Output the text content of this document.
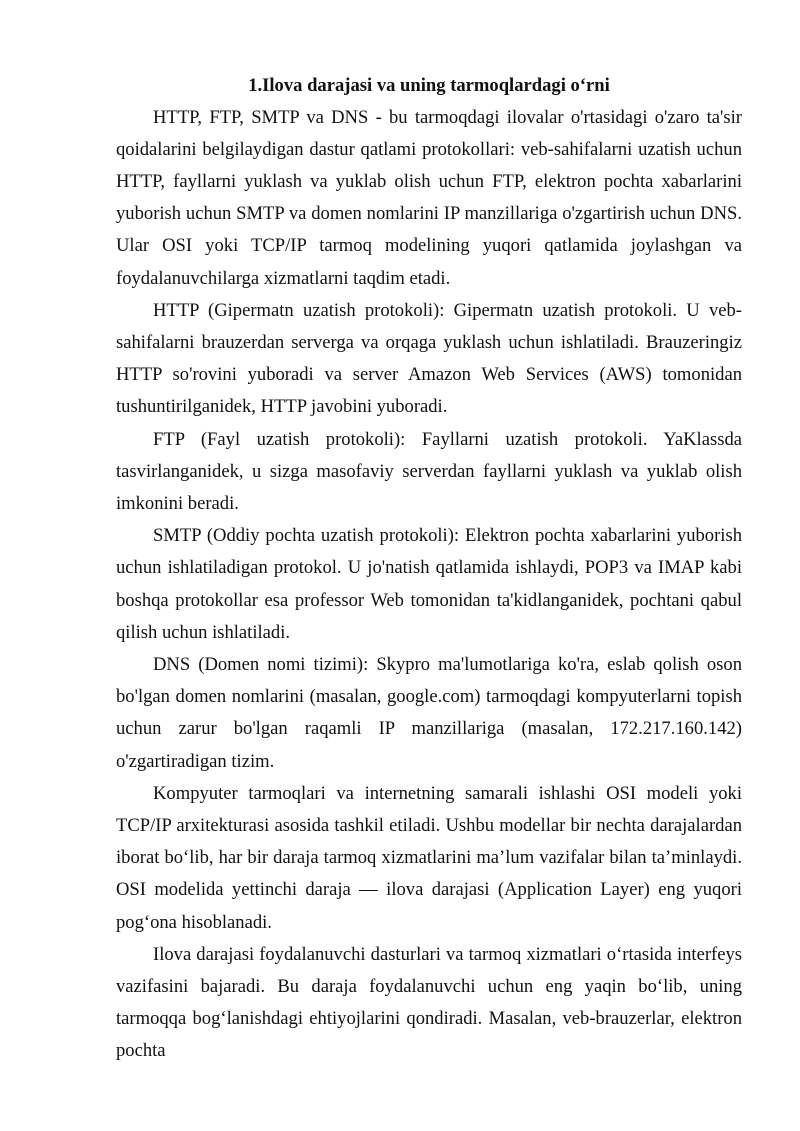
1.Ilova darajasi va uning tarmoqlardagi o‘rni

HTTP, FTP, SMTP va DNS - bu tarmoqdagi ilovalar o'rtasidagi o'zaro ta'sir qoidalarini belgilaydigan dastur qatlami protokollari: veb-sahifalarni uzatish uchun HTTP, fayllarni yuklash va yuklab olish uchun FTP, elektron pochta xabarlarini yuborish uchun SMTP va domen nomlarini IP manzillariga o'zgartirish uchun DNS. Ular OSI yoki TCP/IP tarmoq modelining yuqori qatlamida joylashgan va foydalanuvchilarga xizmatlarni taqdim etadi.

HTTP (Gipermatn uzatish protokoli): Gipermatn uzatish protokoli. U veb-sahifalarni brauzerdan serverga va orqaga yuklash uchun ishlatiladi. Brauzeringiz HTTP so'rovini yuboradi va server Amazon Web Services (AWS) tomonidan tushuntirilganidek, HTTP javobini yuboradi.

FTP (Fayl uzatish protokoli): Fayllarni uzatish protokoli. YaKlassda tasvirlanganidek, u sizga masofaviy serverdan fayllarni yuklash va yuklab olish imkonini beradi.

SMTP (Oddiy pochta uzatish protokoli): Elektron pochta xabarlarini yuborish uchun ishlatiladigan protokol. U jo'natish qatlamida ishlaydi, POP3 va IMAP kabi boshqa protokollar esa professor Web tomonidan ta'kidlanganidek, pochtani qabul qilish uchun ishlatiladi.

DNS (Domen nomi tizimi): Skypro ma'lumotlariga ko'ra, eslab qolish oson bo'lgan domen nomlarini (masalan, google.com) tarmoqdagi kompyuterlarni topish uchun zarur bo'lgan raqamli IP manzillariga (masalan, 172.217.160.142) o'zgartiradigan tizim.

Kompyuter tarmoqlari va internetning samarali ishlashi OSI modeli yoki TCP/IP arxitekturasi asosida tashkil etiladi. Ushbu modellar bir nechta darajalardan iborat bo‘lib, har bir daraja tarmoq xizmatlarini ma’lum vazifalar bilan ta’minlaydi. OSI modelida yettinchi daraja — ilova darajasi (Application Layer) eng yuqori pog‘ona hisoblanadi.

Ilova darajasi foydalanuvchi dasturlari va tarmoq xizmatlari o‘rtasida interfeys vazifasini bajaradi. Bu daraja foydalanuvchi uchun eng yaqin bo‘lib, uning tarmoqqa bog‘lanishdagi ehtiyojlarini qondiradi. Masalan, veb-brauzerlar, elektron pochta
